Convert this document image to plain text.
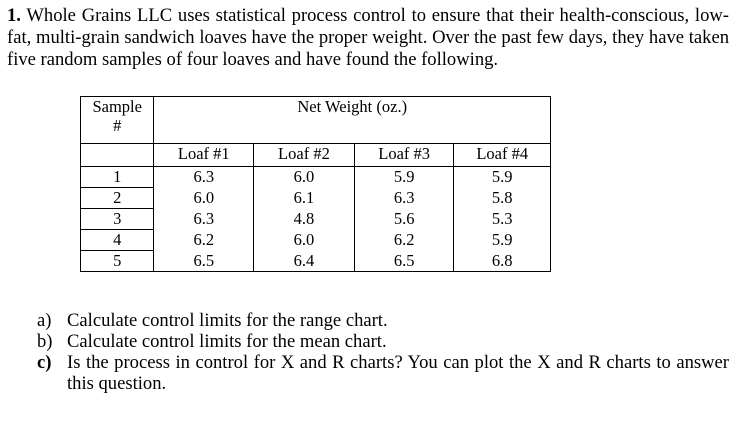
1. Whole Grains LLC uses statistical process control to ensure that their health-conscious, low-fat, multi-grain sandwich loaves have the proper weight. Over the past few days, they have taken five random samples of four loaves and have found the following.
Sample
#	Net Weight (oz.)			
	Loaf #1	Loaf #2	Loaf #3	Loaf #4
1	6.3	6.0	5.9	5.9
2	6.0	6.1	6.3	5.8
3	6.3	4.8	5.6	5.3
4	6.2	6.0	6.2	5.9
5	6.5	6.4	6.5	6.8
a) Calculate control limits for the range chart.
b) Calculate control limits for the mean chart.
c) Is the process in control for X and R charts? You can plot the X and R charts to answer this question.
